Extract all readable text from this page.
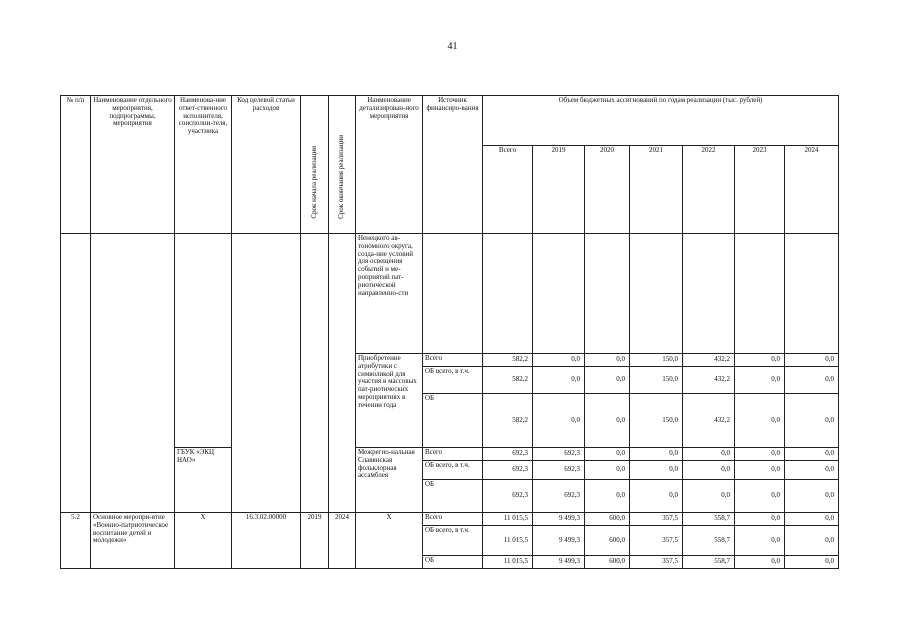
41
№ п/п	Наименование отдельного мероприятия, подпрограммы, мероприятия	Наименова-ние ответ-ственного исполнителя, соисполни-теля, участника	Код целевой статьи расходов	Срок начала реализации	Срок окончания реализации	Наименование детализирован-ного мероприятия	Источник финансиро-вания	Объем бюджетных ассигнований по годам реализации (тыс. рублей)						
								Всего	2019	2020	2021	2022	2023	2024
						Ненецкого ав-тономного округа, созда-ние условий для освещения событий и ме-роприятий пат-риотической направленно-сти								
						Приобретение атрибутики с символикой для участия в массовых пат-риотических мероприятиях в течении года	Всего	582,2	0,0	0,0	150,0	432,2	0,0	0,0
							ОБ всего, в т.ч.	582,2	0,0	0,0	150,0	432,2	0,0	0,0
							ОБ	582,2	0,0	0,0	150,0	432,2	0,0	0,0
		ГБУК «ЭКЦ НАО»				Межрегио-нальная Славянская фольклорная ассамблея	Всего	692,3	692,3	0,0	0,0	0,0	0,0	0,0
							ОБ всего, в т.ч.	692,3	692,3	0,0	0,0	0,0	0,0	0,0
							ОБ	692,3	692,3	0,0	0,0	0,0	0,0	0,0
5.2	Основное меропри-ятие «Военно-патриотическое воспитание детей и молодежи»	Х	16.3.02.00000	2019	2024	Х	Всего	11 015,5	9 499,3	600,0	357,5	558,7	0,0	0,0
							ОБ всего, в т.ч.	11 015,5	9 499,3	600,0	357,5	558,7	0,0	0,0
							ОБ	11 015,5	9 499,3	600,0	357,5	558,7	0,0	0,0
